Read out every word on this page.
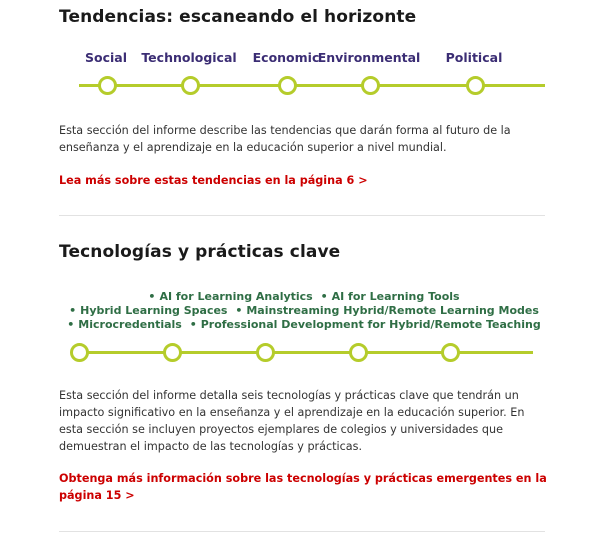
Tendencias: escaneando el horizonte
Social Technological Economic
Environmental Political

Esta sección del informe describe las tendencias que darán forma al futuro de la enseñanza y el aprendizaje en la educación superior a nivel mundial.

Lea más sobre estas tendencias en la página 6 >
Tecnologías y prácticas clave
• AI for Learning Analytics • AI for Learning Tools
• Hybrid Learning Spaces • Mainstreaming Hybrid/Remote Learning Modes
• Microcredentials • Professional Development for Hybrid/Remote Teaching

Esta sección del informe detalla seis tecnologías y prácticas clave que tendrán un impacto significativo en la enseñanza y el aprendizaje en la educación superior. En esta sección se incluyen proyectos ejemplares de colegios y universidades que demuestran el impacto de las tecnologías y prácticas.

Obtenga más información sobre las tecnologías y prácticas emergentes en la página 15 >
